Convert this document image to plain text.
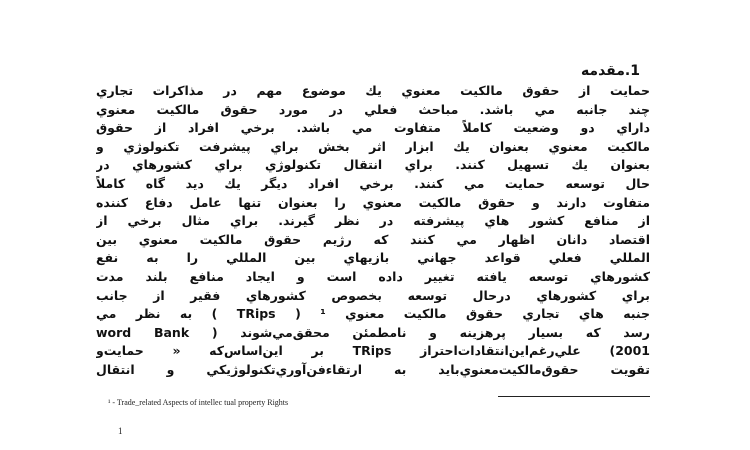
1.مقدمه
حمايت از حقوق مالكيت معنوي يك موضوع مهم در مذاكرات تجاري
چند جانبه مي باشد. مباحث فعلي در مورد حقوق مالكيت معنوي
داراي دو وضعيت كاملاً متفاوت مي باشد. برخي افراد از حقوق
مالكيت معنوي بعنوان يك ابزار اثر بخش براي پيشرفت تكنولوژي و
بعنوان يك تسهيل كنند. براي انتقال تكنولوژي براي كشورهاي در
حال توسعه حمايت مي كنند. برخي افراد ديگر يك ديد گاه كاملاً
متفاوت دارند و حقوق مالكيت معنوي را بعنوان تنها عامل دفاع كننده
از منافع كشور هاي پيشرفته در نظر گيرند. براي مثال برخي از
اقتصاد دانان اظهار مي كنند كه رژيم حقوق مالكيت معنوي بين
المللي فعلي قواعد جهاني بازيهاي بين المللي را به نفع
كشورهاي توسعه يافته تغيير داده است و ايجاد منافع بلند مدت
براي كشورهاي درحال توسعه بخصوص كشورهاي فقير از جانب
جنبه هاي تجاري حقوق مالكيت معنوي ¹ ( TRips ) به نظر مي
رسد كه بسيار پرهزينه و نامطمئن محقق‌مي‌شوند ( word Bank
2001) علي‌رغم‌اين‌انتقادات‌احتراز TRips بر اين‌اساس‌كه « حمايت‌و
¹ - Trade_related Aspects of intellec tual property Rights
1
تقويت حقوق‌مالكيت‌معنوي‌بايد به ارتقاءفن‌آوري‌تكنولوژيكي و انتقال
